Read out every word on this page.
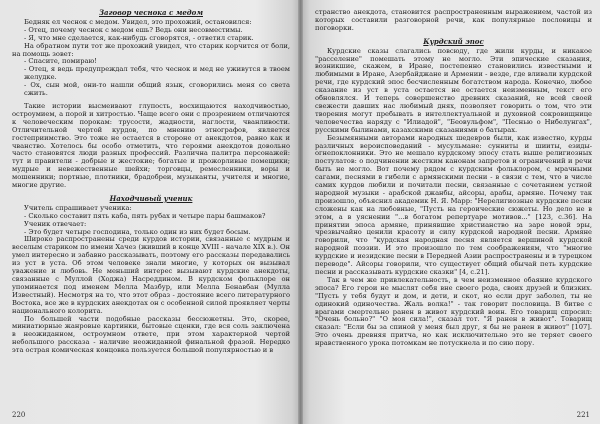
Заговор чеснока с медом

Бедняк ел чеснок с медом. Увидел, это прохожий, остановился:

- Отец, почему чеснок с медом ешь? Ведь они несовместимы.

- Я, что мне сделается, как-нибудь сговорятся, - ответил старик.

На обратном пути тот же прохожий увидел, что старик корчится от боли, на помощь зовет:

- Спасите, помираю!

- Отец, я ведь предупреждал тебя, что чеснок и мед не уживутся в твоем желудке.

- Ох, сын мой, они-то нашли общий язык, сговорились меня со света сжить.

Такие истории высмеивают глупость, восхищаются находчивостью, остроумием, а порой и хитростью. Чаще всего они с прозрением отличаются к человеческим порокам: трусости, жадности, наглости, чванливости. Отличительной чертой курдов, по мнению этнографов, является гостеприимство. Это тоже не остается в стороне от анекдотов, равно как и чванство. Хотелось бы особо отметить, что героями анекдотов довольно часто становятся люди разных профессий. Различна палитра персонажей: тут и правители - добрые и жестокие; богатые и прожорливые помещики; мудрые и невежественные шейхи; торговцы, ремесленники, воры и мошенники; портные, плотники, брадобреи, музыканты, учителя и многие, многие другие.

Находчивый ученик

Учитель спрашивает ученика:

- Сколько составит пять каба, пять рубах и четыре пары башмаков?

Ученик отвечает:

- Это будет четыре господина, только один из них будет босым.

Широко распространены среди курдов истории, связанные с мудрым и веселым стариком по имени Хачез (живший в конце XVIII - начале XIX в.). Он умел интересно и забавно рассказывать, поэтому его рассказы передавались из уст в уста. Об этом человеке знали многие, у которых он вызывал уважение и любовь. Не меньший интерес вызывают курдские анекдоты, связанные с Муллой (Ходжа) Насреддином. В курдском фольклоре он упоминается под именем Мелла Мазбур, или Мелла Бенавбан (Мулла Известный). Несмотря на то, что этот образ - достояние всего литературного Востока, все же в курдских анекдотах он с особенной силой проявляет черты национального колорита.

По большей части подобные рассказы бессюжетны. Это, скорее, миниатюрные жанровые картинки, бытовые сценки, где вся соль заключена в неожиданном, остроумном ответе, при этом характерной чертой небольшого рассказа - наличие неожиданной финальной фразой. Нередко эта острая комическая концовка пользуется большой популярностью и в

220

странство анекдота, становится распространенным выражением, частой из которых составили разговорной речи, как популярные пословицы и поговорки.

Курдский эпос

Курдские сказы слагались повсюду, где жили курды, и никакое "расселение" помешать этому не могло. Эти эпические сказания, возникшие, скажем, в Иране, постепенно становились известными и любимыми в Иране, Азербайджане и Армении - везде, где вливали курдской речи, где курдский эпос бесчисленным богатством народа. Конечно, любое сказание из уст в уста остается не остается неизменным, текст его обновлялся. И теперь совершенство древних сказаний, не всей своей свежести давших нас любимый днях, позволяет говорить о том, что эти творения могут пребывать в интеллектуальной и духовной сокровищнице человечества наряду с "Илиадой", "Беовульфом", "Песнью о Нибелунгах", русскими былинами, казахскими сказаниями о батырах.

Безымянными авторами народных шедевров были, как известно, курды различных вероисповеданий - мусульмане: сунниты и шииты, езиды-огнепоклонники. Это не мешало курдскому эпосу стать выше религиозных постулатов: о подчинении жестким канонам запретов и ограничений и речи быть не могло. Вот почему рядом с курдским фольклором, с мрачными сагами, песнями в гибели с армянскими песни - в связи с тем, что в числе самих курдов любили и почитали песни, связанные с сочетанием устной народной музыки - арабской джанбы, айсоры, арабы, армяне. Почему так произошло, объяснил академик Н. Я. Марр: "Нерелигиозные курдские песни сложены как на любовные, "Пусть на героические сюжеты. Но дело не в этом, а в уяснении "...в богатом репертуаре мотивов..." [123, с.36]. На принятии эпоса армяне, принявшие христианство на заре новой эры, чрезвычайно ценили красоту и силу курдской народной песни. Армяне говорили, что "курдская народная песня является вершиной курдской народной поэзии. И это произошло по тем соображениям, что "многие курдские и иезидские песни в Передней Азии распространены и в турецком переводе". Айсоры говорили, что существует общий обычай петь курдские песни и рассказывать курдские сказки" [4, с.21].

Так в чем же привлекательность, в чем неизменное обаяние курдского эпоса? Его герои не мыслят себя вне своего рода, своих друзей и близких. "Пусть у тебя будут и дом, и дети, и скот, но если друг заболел, ты не одинокий одиночества. Жаль волка!" - так говорит пословица. В битве с врагами смертельно ранен в живот курдский воин. Его товарищ спросил: "Очень больно?" "О моя сила!", сказал тот. "Я ранен в живот". Товарищ сказал: "Если бы за спиной у меня был друг, я бы не ранен в живот" [107]. Это очень древняя притча, но как исключительно это не теряет своего нравственного урока потомкам не потускнела и по сию пору.

221
